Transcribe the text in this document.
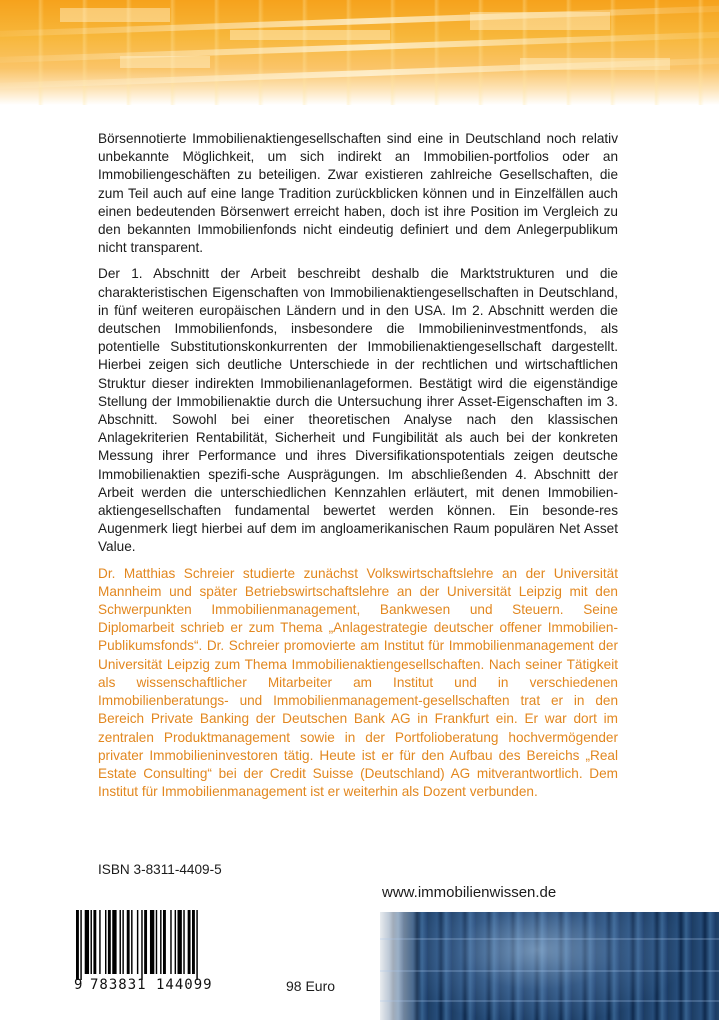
Börsennotierte Immobilienaktiengesellschaften sind eine in Deutschland noch relativ unbekannte Möglichkeit, um sich indirekt an Immobilien-portfolios oder an Immobiliengeschäften zu beteiligen. Zwar existieren zahlreiche Gesellschaften, die zum Teil auch auf eine lange Tradition zurückblicken können und in Einzelfällen auch einen bedeutenden Börsenwert erreicht haben, doch ist ihre Position im Vergleich zu den bekannten Immobilienfonds nicht eindeutig definiert und dem Anlegerpublikum nicht transparent.

Der 1. Abschnitt der Arbeit beschreibt deshalb die Marktstrukturen und die charakteristischen Eigenschaften von Immobilienaktiengesellschaften in Deutschland, in fünf weiteren europäischen Ländern und in den USA. Im 2. Abschnitt werden die deutschen Immobilienfonds, insbesondere die Immobilieninvestmentfonds, als potentielle Substitutionskonkurrenten der Immobilienaktiengesellschaft dargestellt. Hierbei zeigen sich deutliche Unterschiede in der rechtlichen und wirtschaftlichen Struktur dieser indirekten Immobilienanlageformen. Bestätigt wird die eigenständige Stellung der Immobilienaktie durch die Untersuchung ihrer Asset-Eigenschaften im 3. Abschnitt. Sowohl bei einer theoretischen Analyse nach den klassischen Anlagekriterien Rentabilität, Sicherheit und Fungibilität als auch bei der konkreten Messung ihrer Performance und ihres Diversifikationspotentials zeigen deutsche Immobilienaktien spezifi-sche Ausprägungen. Im abschließenden 4. Abschnitt der Arbeit werden die unterschiedlichen Kennzahlen erläutert, mit denen Immobilien-aktiengesellschaften fundamental bewertet werden können. Ein besonde-res Augenmerk liegt hierbei auf dem im angloamerikanischen Raum populären Net Asset Value.

Dr. Matthias Schreier studierte zunächst Volkswirtschaftslehre an der Universität Mannheim und später Betriebswirtschaftslehre an der Universität Leipzig mit den Schwerpunkten Immobilienmanagement, Bankwesen und Steuern. Seine Diplomarbeit schrieb er zum Thema „Anlagestrategie deutscher offener Immobilien-Publikumsfonds“. Dr. Schreier promovierte am Institut für Immobilienmanagement der Universität Leipzig zum Thema Immobilienaktiengesellschaften. Nach seiner Tätigkeit als wissenschaftlicher Mitarbeiter am Institut und in verschiedenen Immobilienberatungs- und Immobilienmanagement-gesellschaften trat er in den Bereich Private Banking der Deutschen Bank AG in Frankfurt ein. Er war dort im zentralen Produktmanagement sowie in der Portfolioberatung hochvermögender privater Immobilieninvestoren tätig. Heute ist er für den Aufbau des Bereichs „Real Estate Consulting“ bei der Credit Suisse (Deutschland) AG mitverantwortlich. Dem Institut für Immobilienmanagement ist er weiterhin als Dozent verbunden.

ISBN 3-8311-4409-5
www.immobilienwissen.de
9 783831 144099	98 Euro
